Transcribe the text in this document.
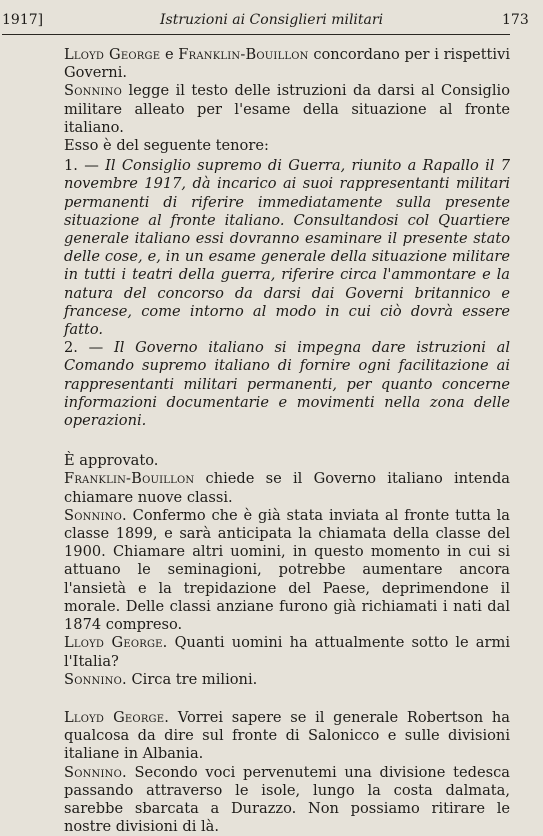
1917]	Istruzioni ai Consiglieri militari	173

Lloyd George e Franklin-Bouillon concordano per i rispettivi Governi.

Sonnino legge il testo delle istruzioni da darsi al Consiglio militare alleato per l'esame della situazione al fronte italiano.

Esso è del seguente tenore:

1. — Il Consiglio supremo di Guerra, riunito a Rapallo il 7 novembre 1917, dà incarico ai suoi rappresentanti militari permanenti di riferire immediatamente sulla presente situazione al fronte italiano. Consultandosi col Quartiere generale italiano essi dovranno esaminare il presente stato delle cose, e, in un esame generale della situazione militare in tutti i teatri della guerra, riferire circa l'ammontare e la natura del concorso da darsi dai Governi britannico e francese, come intorno al modo in cui ciò dovrà essere fatto.

2. — Il Governo italiano si impegna dare istruzioni al Comando supremo italiano di fornire ogni facilitazione ai rappresentanti militari permanenti, per quanto concerne informazioni documentarie e movimenti nella zona delle operazioni.

È approvato.

Franklin-Bouillon chiede se il Governo italiano intenda chiamare nuove classi.

Sonnino. Confermo che è già stata inviata al fronte tutta la classe 1899, e sarà anticipata la chiamata della classe del 1900. Chiamare altri uomini, in questo momento in cui si attuano le seminagioni, potrebbe aumentare ancora l'ansietà e la trepidazione del Paese, deprimendone il morale. Delle classi anziane furono già richiamati i nati dal 1874 compreso.

Lloyd George. Quanti uomini ha attualmente sotto le armi l'Italia?

Sonnino. Circa tre milioni.

Lloyd George. Vorrei sapere se il generale Robertson ha qualcosa da dire sul fronte di Salonicco e sulle divisioni italiane in Albania.

Sonnino. Secondo voci pervenutemi una divisione tedesca passando attraverso le isole, lungo la costa dalmata, sarebbe sbarcata a Durazzo. Non possiamo ritirare le nostre divisioni di là.
